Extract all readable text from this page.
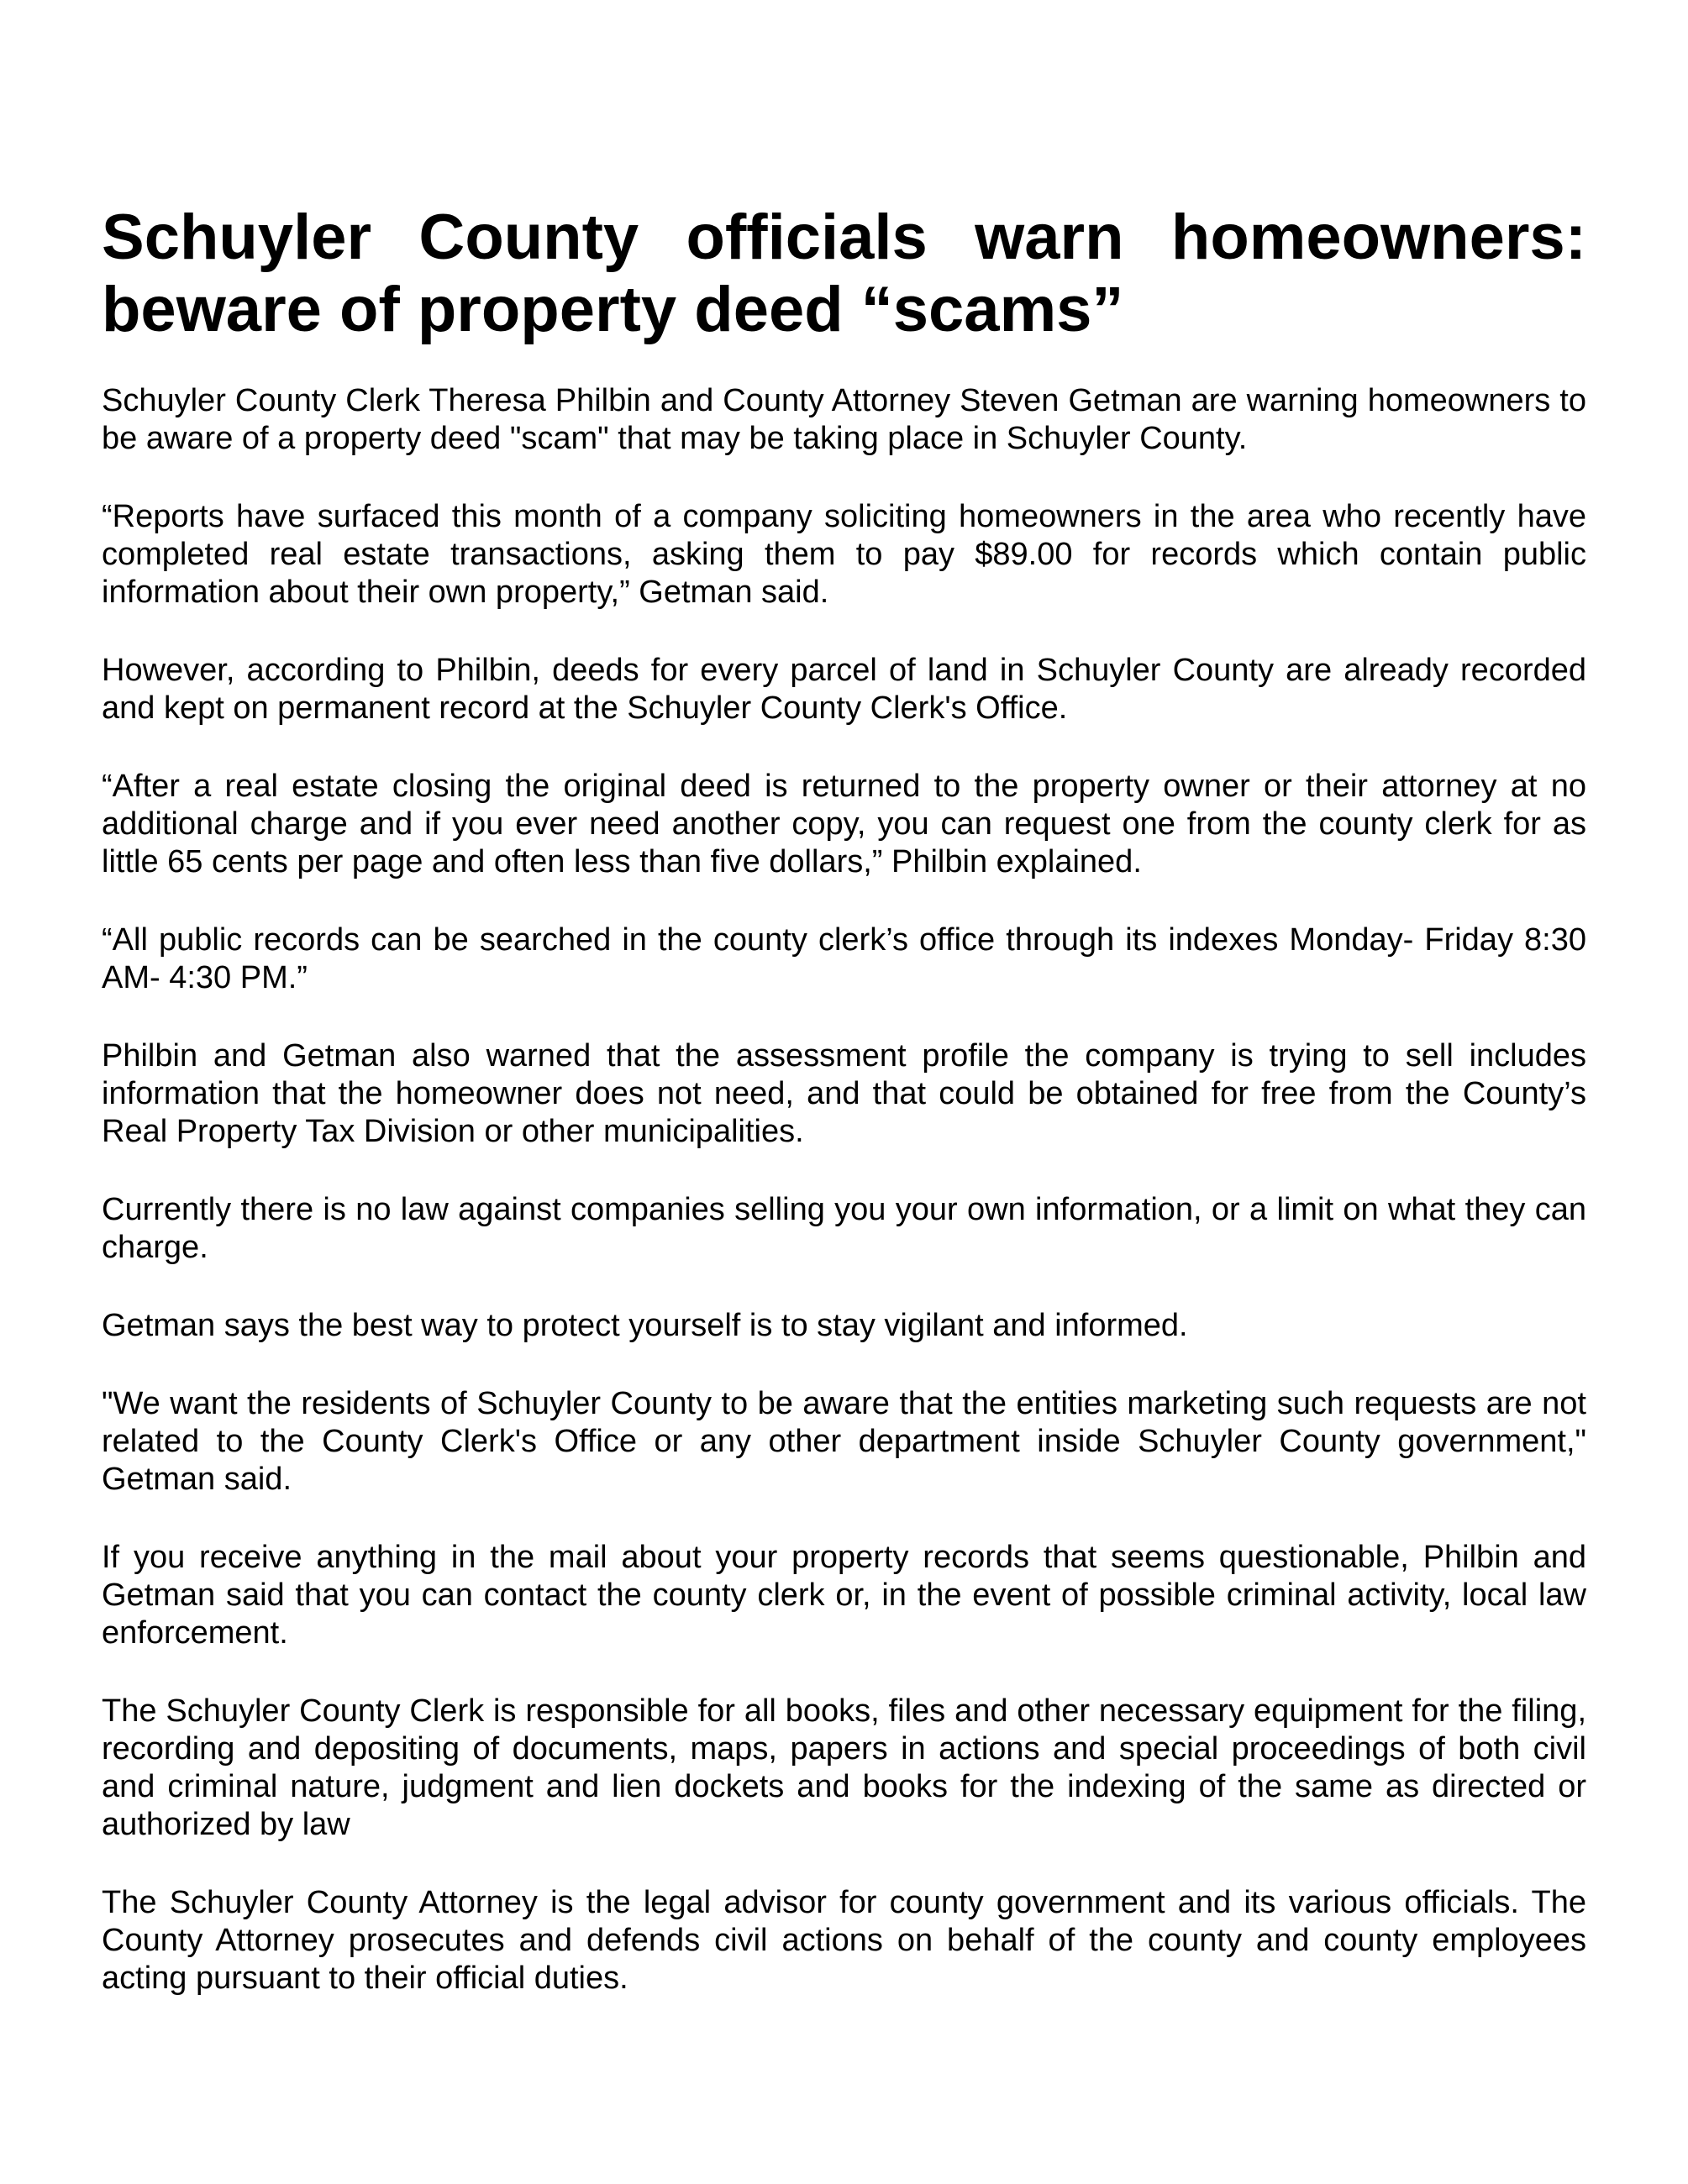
Schuyler County officials warn homeowners:
beware of property deed “scams”

Schuyler County Clerk Theresa Philbin and County Attorney Steven Getman are warning homeowners to be aware of a property deed "scam" that may be taking place in Schuyler County.

“Reports have surfaced this month of a company soliciting homeowners in the area who recently have completed real estate transactions, asking them to pay $89.00 for records which contain public information about their own property,” Getman said.

However, according to Philbin, deeds for every parcel of land in Schuyler County are already recorded and kept on permanent record at the Schuyler County Clerk's Office.

“After a real estate closing the original deed is returned to the property owner or their attorney at no additional charge and if you ever need another copy, you can request one from the county clerk for as little 65 cents per page and often less than five dollars,” Philbin explained.

“All public records can be searched in the county clerk’s office through its indexes Monday- Friday 8:30 AM- 4:30 PM.”

Philbin and Getman also warned that the assessment profile the company is trying to sell includes information that the homeowner does not need, and that could be obtained for free from the County’s Real Property Tax Division or other municipalities.

Currently there is no law against companies selling you your own information, or a limit on what they can charge.

Getman says the best way to protect yourself is to stay vigilant and informed.

"We want the residents of Schuyler County to be aware that the entities marketing such requests are not related to the County Clerk's Office or any other department inside Schuyler County government," Getman said.

If you receive anything in the mail about your property records that seems questionable, Philbin and Getman said that you can contact the county clerk or, in the event of possible criminal activity, local law enforcement.

The Schuyler County Clerk is responsible for all books, files and other necessary equipment for the filing, recording and depositing of documents, maps, papers in actions and special proceedings of both civil and criminal nature, judgment and lien dockets and books for the indexing of the same as directed or authorized by law

The Schuyler County Attorney is the legal advisor for county government and its various officials. The County Attorney prosecutes and defends civil actions on behalf of the county and county employees acting pursuant to their official duties.
